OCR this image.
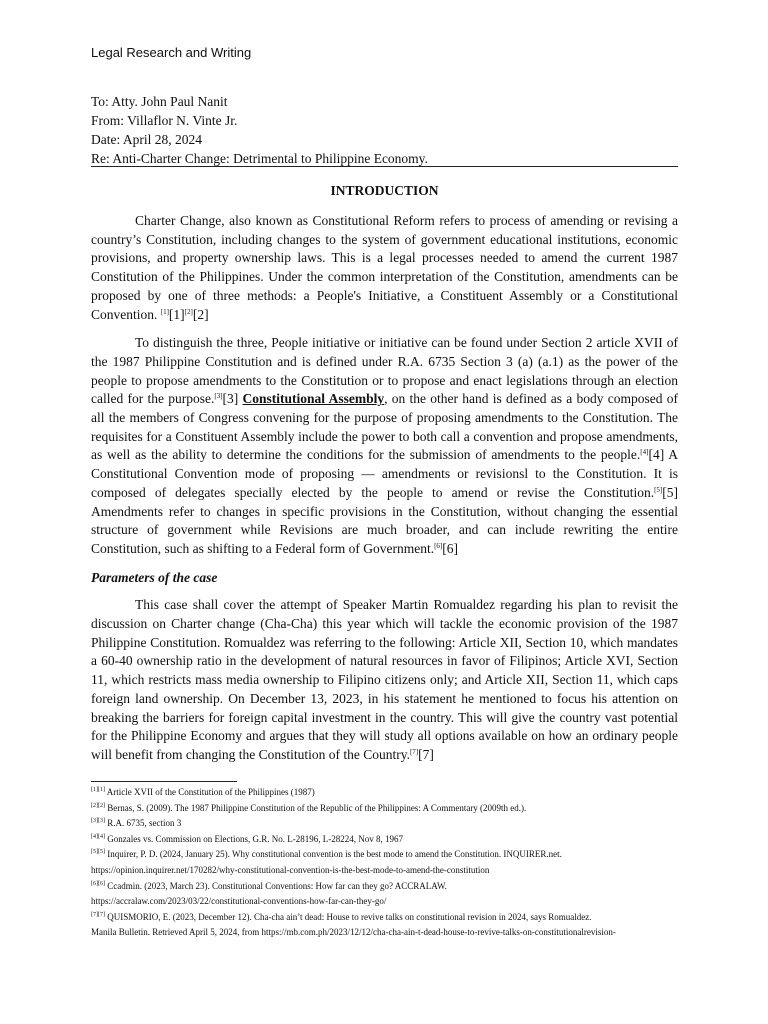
Legal Research and Writing
To: Atty. John Paul Nanit
From: Villaflor N. Vinte Jr.
Date: April 28, 2024
Re: Anti-Charter Change: Detrimental to Philippine Economy.
INTRODUCTION

Charter Change, also known as Constitutional Reform refers to process of amending or revising a country’s Constitution, including changes to the system of government educational institutions, economic provisions, and property ownership laws. This is a legal processes needed to amend the current 1987 Constitution of the Philippines. Under the common interpretation of the Constitution, amendments can be proposed by one of three methods: a People's Initiative, a Constituent Assembly or a Constitutional Convention. [1][1][2][2]

To distinguish the three, People initiative or initiative can be found under Section 2 article XVII of the 1987 Philippine Constitution and is defined under R.A. 6735 Section 3 (a) (a.1) as the power of the people to propose amendments to the Constitution or to propose and enact legislations through an election called for the purpose.[3][3] Constitutional Assembly, on the other hand is defined as a body composed of all the members of Congress convening for the purpose of proposing amendments to the Constitution. The requisites for a Constituent Assembly include the power to both call a convention and propose amendments, as well as the ability to determine the conditions for the submission of amendments to the people.[4][4] A Constitutional Convention mode of proposing — amendments or revisionsl to the Constitution. It is composed of delegates specially elected by the people to amend or revise the Constitution.[5][5] Amendments refer to changes in specific provisions in the Constitution, without changing the essential structure of government while Revisions are much broader, and can include rewriting the entire Constitution, such as shifting to a Federal form of Government.[6][6]

Parameters of the case

This case shall cover the attempt of Speaker Martin Romualdez regarding his plan to revisit the discussion on Charter change (Cha-Cha) this year which will tackle the economic provision of the 1987 Philippine Constitution. Romualdez was referring to the following: Article XII, Section 10, which mandates a 60-40 ownership ratio in the development of natural resources in favor of Filipinos; Article XVI, Section 11, which restricts mass media ownership to Filipino citizens only; and Article XII, Section 11, which caps foreign land ownership. On December 13, 2023, in his statement he mentioned to focus his attention on breaking the barriers for foreign capital investment in the country. This will give the country vast potential for the Philippine Economy and argues that they will study all options available on how an ordinary people will benefit from changing the Constitution of the Country.[7][7]

[1][1] Article XVII of the Constitution of the Philippines (1987)
[2][2] Bernas, S. (2009). The 1987 Philippine Constitution of the Republic of the Philippines: A Commentary (2009th ed.).
[3][3] R.A. 6735, section 3
[4][4] Gonzales vs. Commission on Elections, G.R. No. L-28196, L-28224, Nov 8, 1967
[5][5] Inquirer, P. D. (2024, January 25). Why constitutional convention is the best mode to amend the Constitution. INQUIRER.net.
https://opinion.inquirer.net/170282/why-constitutional-convention-is-the-best-mode-to-amend-the-constitution
[6][6] Ccadmin. (2023, March 23). Constitutional Conventions: How far can they go? ACCRALAW.
https://accralaw.com/2023/03/22/constitutional-conventions-how-far-can-they-go/
[7][7] QUISMORIO, E. (2023, December 12). Cha-cha ain’t dead: House to revive talks on constitutional revision in 2024, says Romualdez.
Manila Bulletin. Retrieved April 5, 2024, from https://mb.com.ph/2023/12/12/cha-cha-ain-t-dead-house-to-revive-talks-on-constitutionalrevision-
